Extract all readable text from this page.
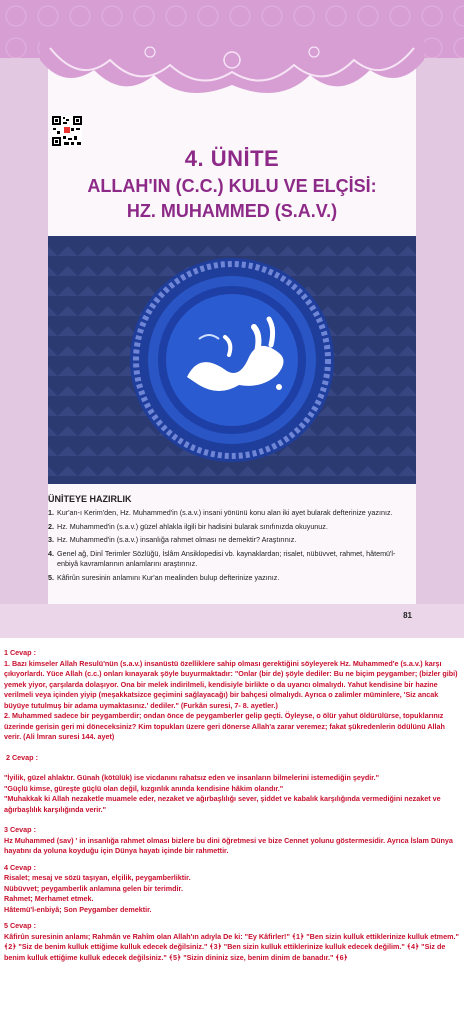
4. ÜNİTE
ALLAH'IN (C.C.) KULU VE ELÇİSİ:
HZ. MUHAMMED (S.A.V.)
ÜNİTEYE HAZIRLIK
1. Kur'an-ı Kerim'den, Hz. Muhammed'in (s.a.v.) insani yönünü konu alan iki ayet bularak defterinize yazınız.
2. Hz. Muhammed'in (s.a.v.) güzel ahlakla ilgili bir hadisini bularak sınıfınızda okuyunuz.
3. Hz. Muhammed'in (s.a.v.) insanlığa rahmet olması ne demektir? Araştırınız.
4. Genel ağ, Dinî Terimler Sözlüğü, İslâm Ansiklopedisi vb. kaynaklardan; risalet, nübüvvet, rahmet, hâtemü'l-enbiyâ kavramlarının anlamlarını araştırınız.
5. Kâfirûn suresinin anlamını Kur'an mealinden bulup defterinize yazınız.
81

1 Cevap :

1. Bazı kimseler Allah Resulü'nün (s.a.v.) insanüstü özelliklere sahip olması gerektiğini söyleyerek Hz. Muhammed'e (s.a.v.) karşı çıkıyorlardı. Yüce Allah (c.c.) onları kınayarak şöyle buyurmaktadır: "Onlar (bir de) şöyle dediler: Bu ne biçim peygamber; (bizler gibi) yemek yiyor, çarşılarda dolaşıyor. Ona bir melek indirilmeli, kendisiyle birlikte o da uyarıcı olmalıydı. Yahut kendisine bir hazine verilmeli veya içinden yiyip (meşakkatsizce geçimini sağlayacağı) bir bahçesi olmalıydı. Ayrıca o zalimler müminlere, 'Siz ancak büyüye tutulmuş bir adama uymaktasınız.' dediler." (Furkân suresi, 7- 8. ayetler.)

2. Muhammed sadece bir peygamberdir; ondan önce de peygamberler gelip geçti. Öyleyse, o ölür yahut öldürülürse, topuklarınız üzerinde gerisin geri mi döneceksiniz? Kim topukları üzere geri dönerse Allah'a zarar veremez; fakat şükredenlerin ödülünü Allah verir. (Ali İmran suresi 144. ayet)

2 Cevap :

"İyilik, güzel ahlaktır. Günah (kötülük) ise vicdanını rahatsız eden ve insanların bilmelerini istemediğin şeydir."

"Güçlü kimse, güreşte güçlü olan değil, kızgınlık anında kendisine hâkim olandır."

"Muhakkak ki Allah nezaketle muamele eder, nezaket ve ağırbaşlılığı sever, şiddet ve kabalık karşılığında vermediğini nezaket ve ağırbaşlılık karşılığında verir."

3 Cevap :

Hz Muhammed (sav) ' in insanlığa rahmet olması bizlere bu dini öğretmesi ve bize Cennet yolunu göstermesidir. Ayrıca İslam Dünya hayatını da yoluna koyduğu için Dünya hayatı içinde bir rahmettir.

4 Cevap :

Risalet; mesaj ve sözü taşıyan, elçilik, peygamberliktir.

Nübüvvet; peygamberlik anlamına gelen bir terimdir.

Rahmet; Merhamet etmek.

Hâtemü'l-enbiyâ; Son Peygamber demektir.

5 Cevap :

Kâfirûn suresinin anlamı; Rahmân ve Rahîm olan Allah'ın adıyla De ki: "Ey Kâfirler!" ﴾1﴿ "Ben sizin kulluk ettiklerinize kulluk etmem." ﴾2﴿ "Siz de benim kulluk ettiğime kulluk edecek değilsiniz." ﴾3﴿ "Ben sizin kulluk ettiklerinize kulluk edecek değilim." ﴾4﴿ "Siz de benim kulluk ettiğime kulluk edecek değilsiniz." ﴾5﴿ "Sizin dininiz size, benim dinim de banadır." ﴾6﴿
